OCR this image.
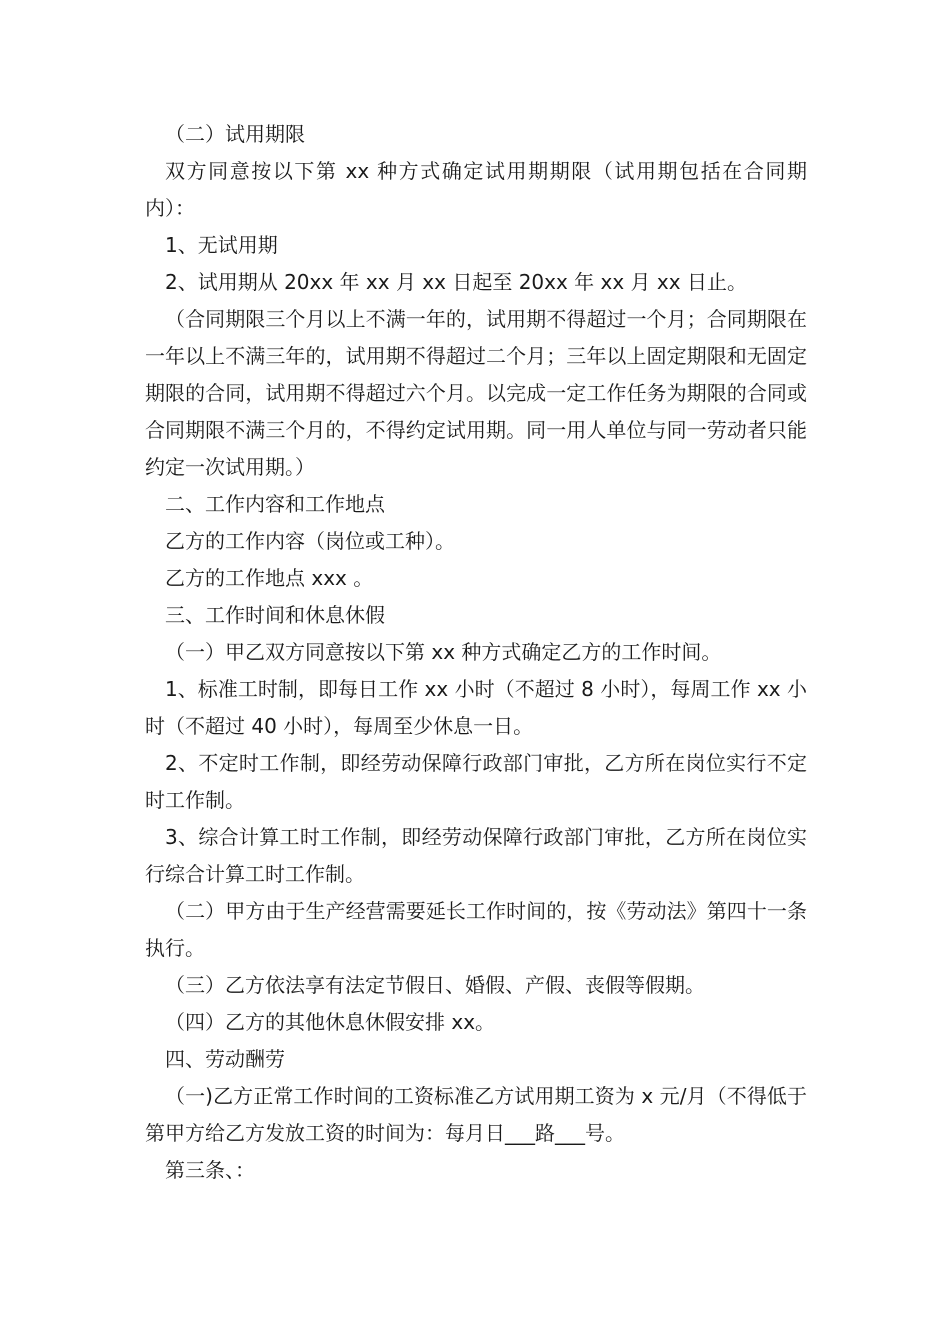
（二）试用期限

双方同意按以下第 xx 种方式确定试用期期限（试用期包括在合同期内）：

1、无试用期

2、试用期从 20xx 年 xx 月 xx 日起至 20xx 年 xx 月 xx 日止。

（合同期限三个月以上不满一年的，试用期不得超过一个月；合同期限在一年以上不满三年的，试用期不得超过二个月；三年以上固定期限和无固定期限的合同，试用期不得超过六个月。以完成一定工作任务为期限的合同或合同期限不满三个月的，不得约定试用期。同一用人单位与同一劳动者只能约定一次试用期。）

二、工作内容和工作地点

乙方的工作内容（岗位或工种）。

乙方的工作地点 xxx 。

三、工作时间和休息休假

（一）甲乙双方同意按以下第 xx 种方式确定乙方的工作时间。

1、标准工时制，即每日工作 xx 小时（不超过 8 小时），每周工作 xx 小时（不超过 40 小时），每周至少休息一日。

2、不定时工作制，即经劳动保障行政部门审批，乙方所在岗位实行不定时工作制。

3、综合计算工时工作制，即经劳动保障行政部门审批，乙方所在岗位实行综合计算工时工作制。

（二）甲方由于生产经营需要延长工作时间的，按《劳动法》第四十一条执行。

（三）乙方依法享有法定节假日、婚假、产假、丧假等假期。

（四）乙方的其他休息休假安排 xx。

四、劳动酬劳

（一)乙方正常工作时间的工资标准乙方试用期工资为 x 元/月（不得低于第甲方给乙方发放工资的时间为：每月日___路___号。

第三条、：
